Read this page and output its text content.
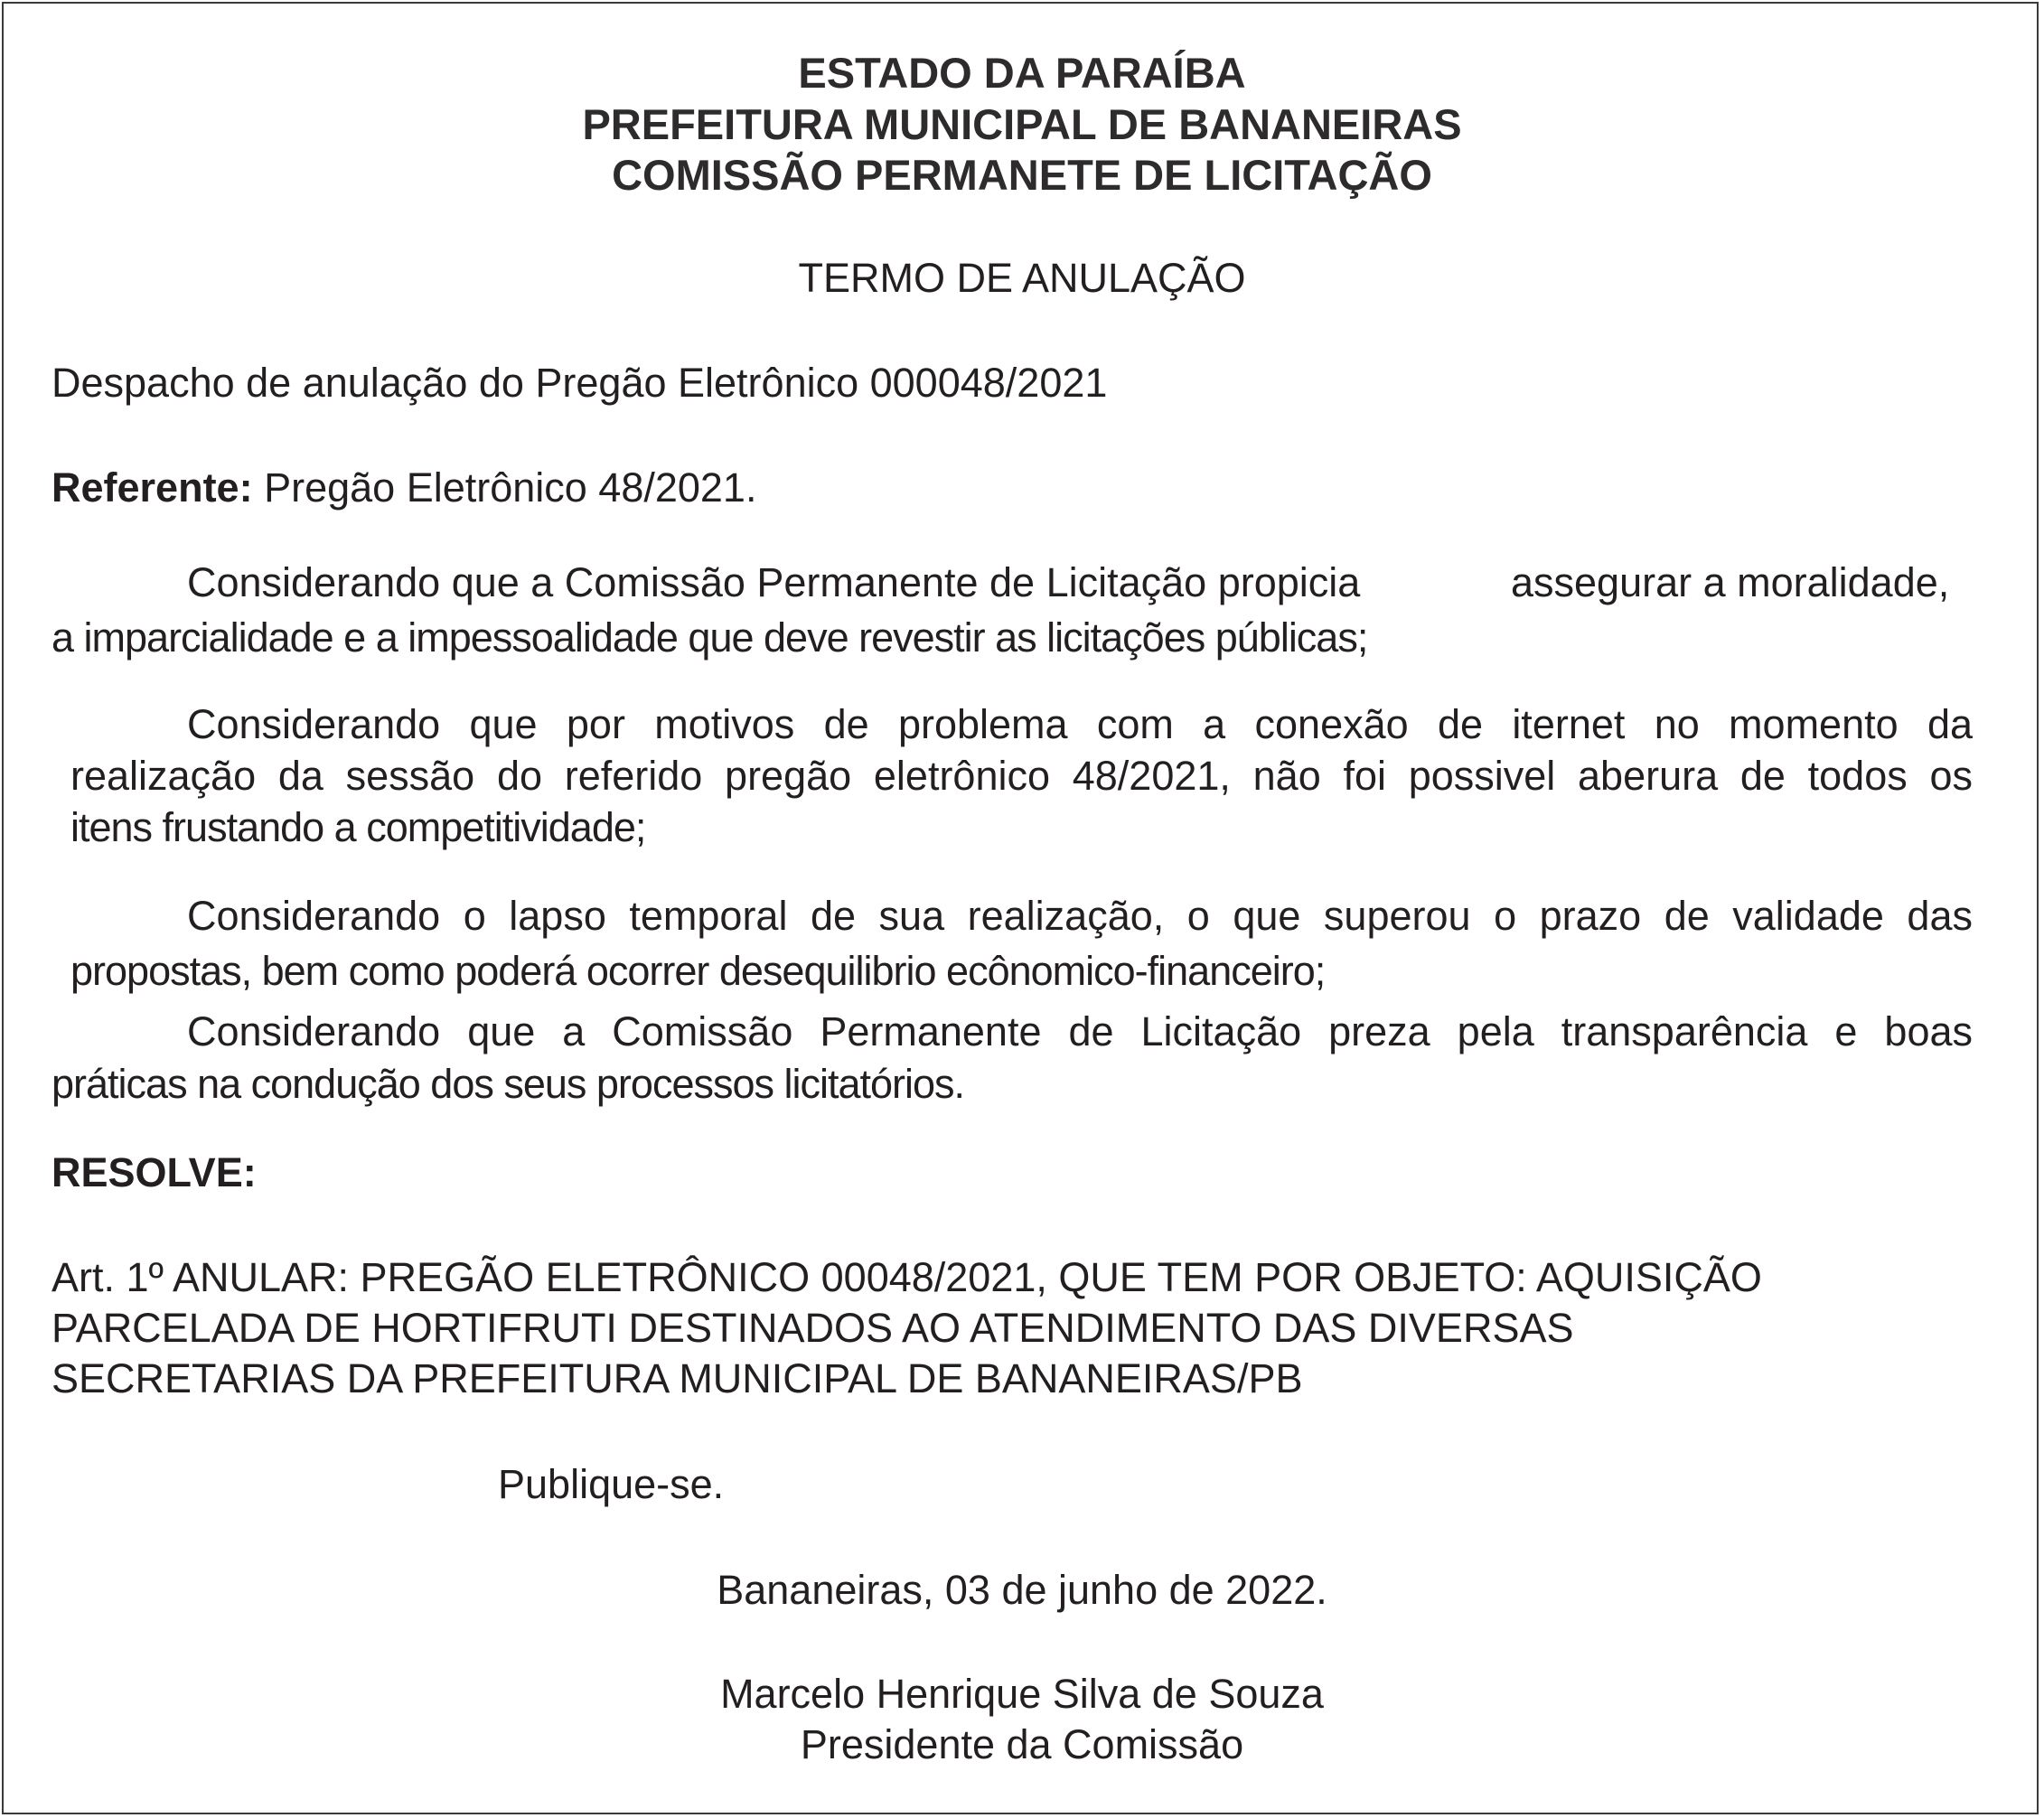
ESTADO DA PARAÍBA
PREFEITURA MUNICIPAL DE BANANEIRAS
COMISSÃO PERMANETE DE LICITAÇÃO
TERMO DE ANULAÇÃO
Despacho de anulação do Pregão Eletrônico 000048/2021
Referente: Pregão Eletrônico 48/2021.
Considerando que a Comissão Permanente de Licitação propicia	assegurar a moralidade,
a imparcialidade e a impessoalidade que deve revestir as licitações públicas;
Considerando que por motivos de problema com a conexão de iternet no momento da
realização da sessão do referido pregão eletrônico 48/2021, não foi possivel aberura de todos os
itens frustando a competitividade;
Considerando o lapso temporal de sua realização, o que superou o prazo de validade das
propostas, bem como poderá ocorrer desequilibrio ecônomico-financeiro;
Considerando que a Comissão Permanente de Licitação preza pela transparência e boas
práticas na condução dos seus processos licitatórios.
RESOLVE:
Art. 1º ANULAR: PREGÃO ELETRÔNICO 00048/2021, QUE TEM POR OBJETO: AQUISIÇÃO
PARCELADA DE HORTIFRUTI DESTINADOS AO ATENDIMENTO DAS DIVERSAS
SECRETARIAS DA PREFEITURA MUNICIPAL DE BANANEIRAS/PB
Publique-se.
Bananeiras, 03 de junho de 2022.
Marcelo Henrique Silva de Souza
Presidente da Comissão
